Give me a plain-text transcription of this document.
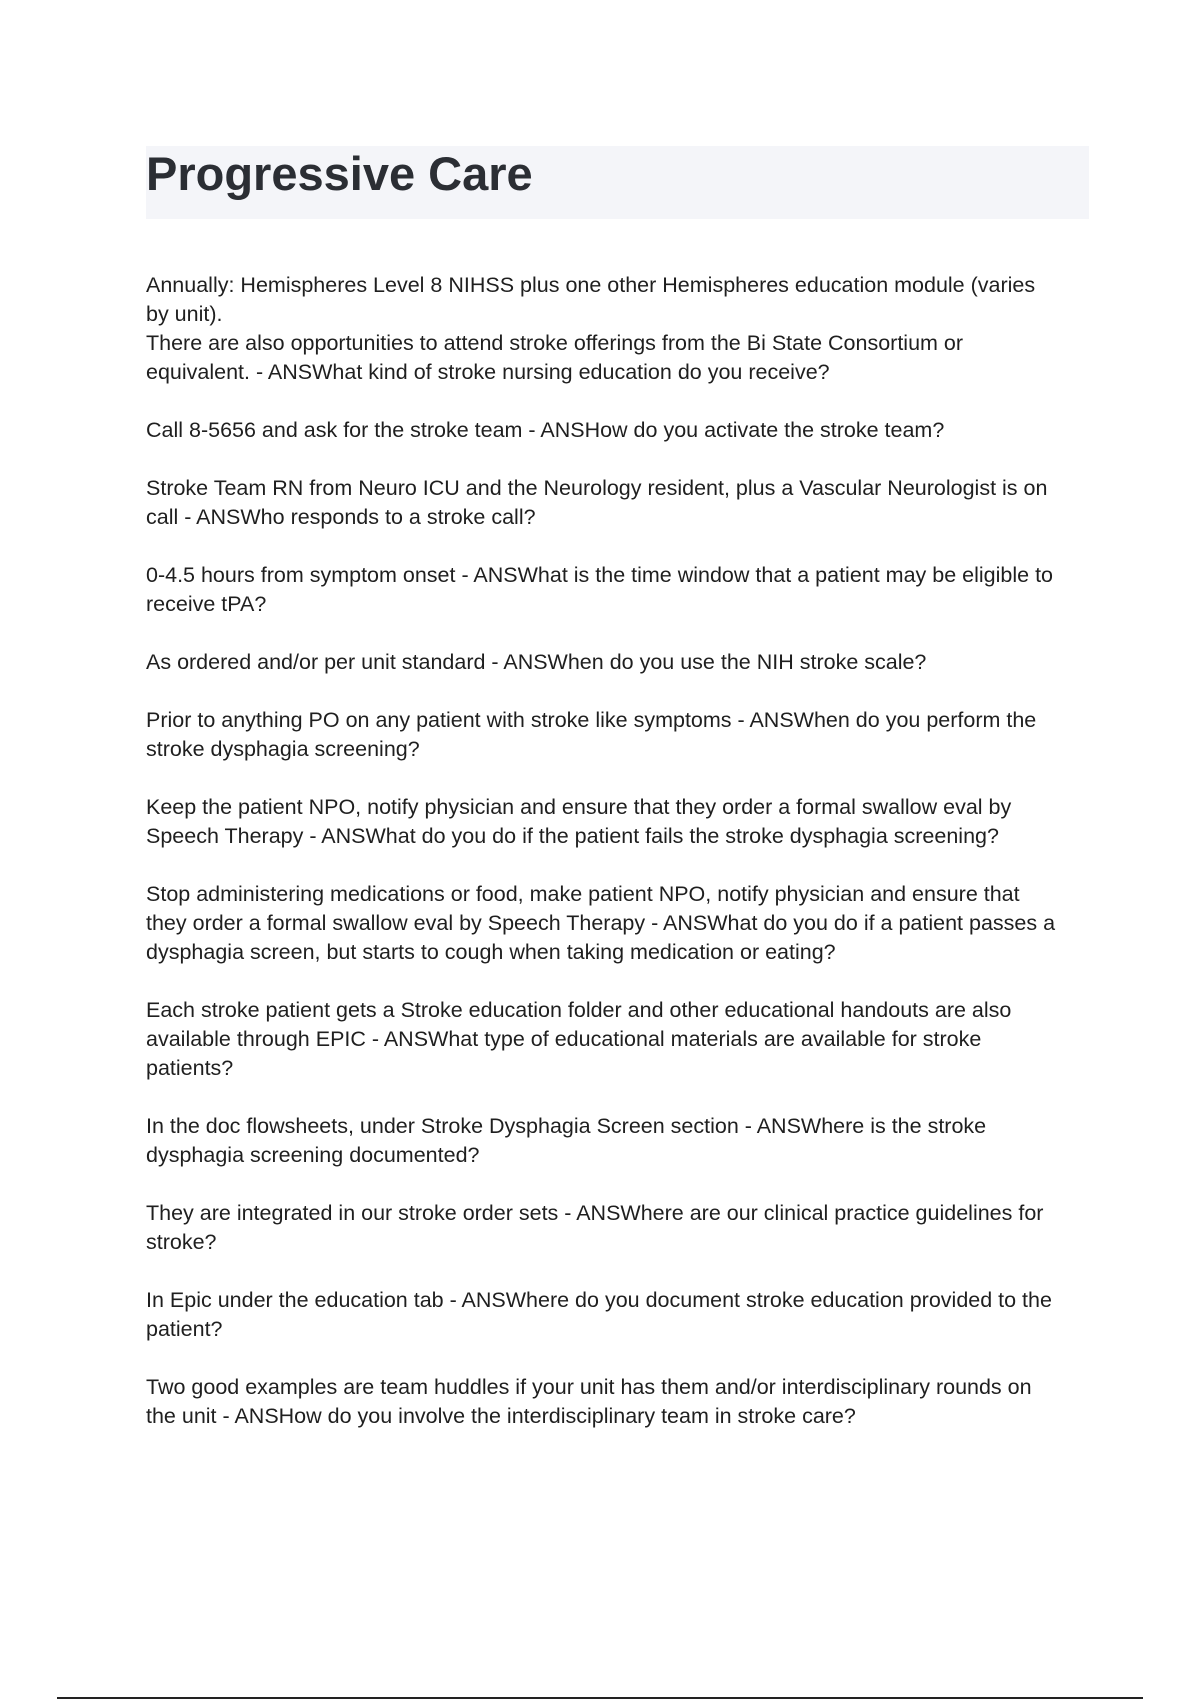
Progressive Care

Annually: Hemispheres Level 8 NIHSS plus one other Hemispheres education module (varies
by unit).
There are also opportunities to attend stroke offerings from the Bi State Consortium or
equivalent. - ANSWhat kind of stroke nursing education do you receive?

Call 8-5656 and ask for the stroke team - ANSHow do you activate the stroke team?

Stroke Team RN from Neuro ICU and the Neurology resident, plus a Vascular Neurologist is on
call - ANSWho responds to a stroke call?

0-4.5 hours from symptom onset - ANSWhat is the time window that a patient may be eligible to
receive tPA?

As ordered and/or per unit standard - ANSWhen do you use the NIH stroke scale?

Prior to anything PO on any patient with stroke like symptoms - ANSWhen do you perform the
stroke dysphagia screening?

Keep the patient NPO, notify physician and ensure that they order a formal swallow eval by
Speech Therapy - ANSWhat do you do if the patient fails the stroke dysphagia screening?

Stop administering medications or food, make patient NPO, notify physician and ensure that
they order a formal swallow eval by Speech Therapy - ANSWhat do you do if a patient passes a
dysphagia screen, but starts to cough when taking medication or eating?

Each stroke patient gets a Stroke education folder and other educational handouts are also
available through EPIC - ANSWhat type of educational materials are available for stroke
patients?

In the doc flowsheets, under Stroke Dysphagia Screen section - ANSWhere is the stroke
dysphagia screening documented?

They are integrated in our stroke order sets - ANSWhere are our clinical practice guidelines for
stroke?

In Epic under the education tab - ANSWhere do you document stroke education provided to the
patient?

Two good examples are team huddles if your unit has them and/or interdisciplinary rounds on
the unit - ANSHow do you involve the interdisciplinary team in stroke care?
